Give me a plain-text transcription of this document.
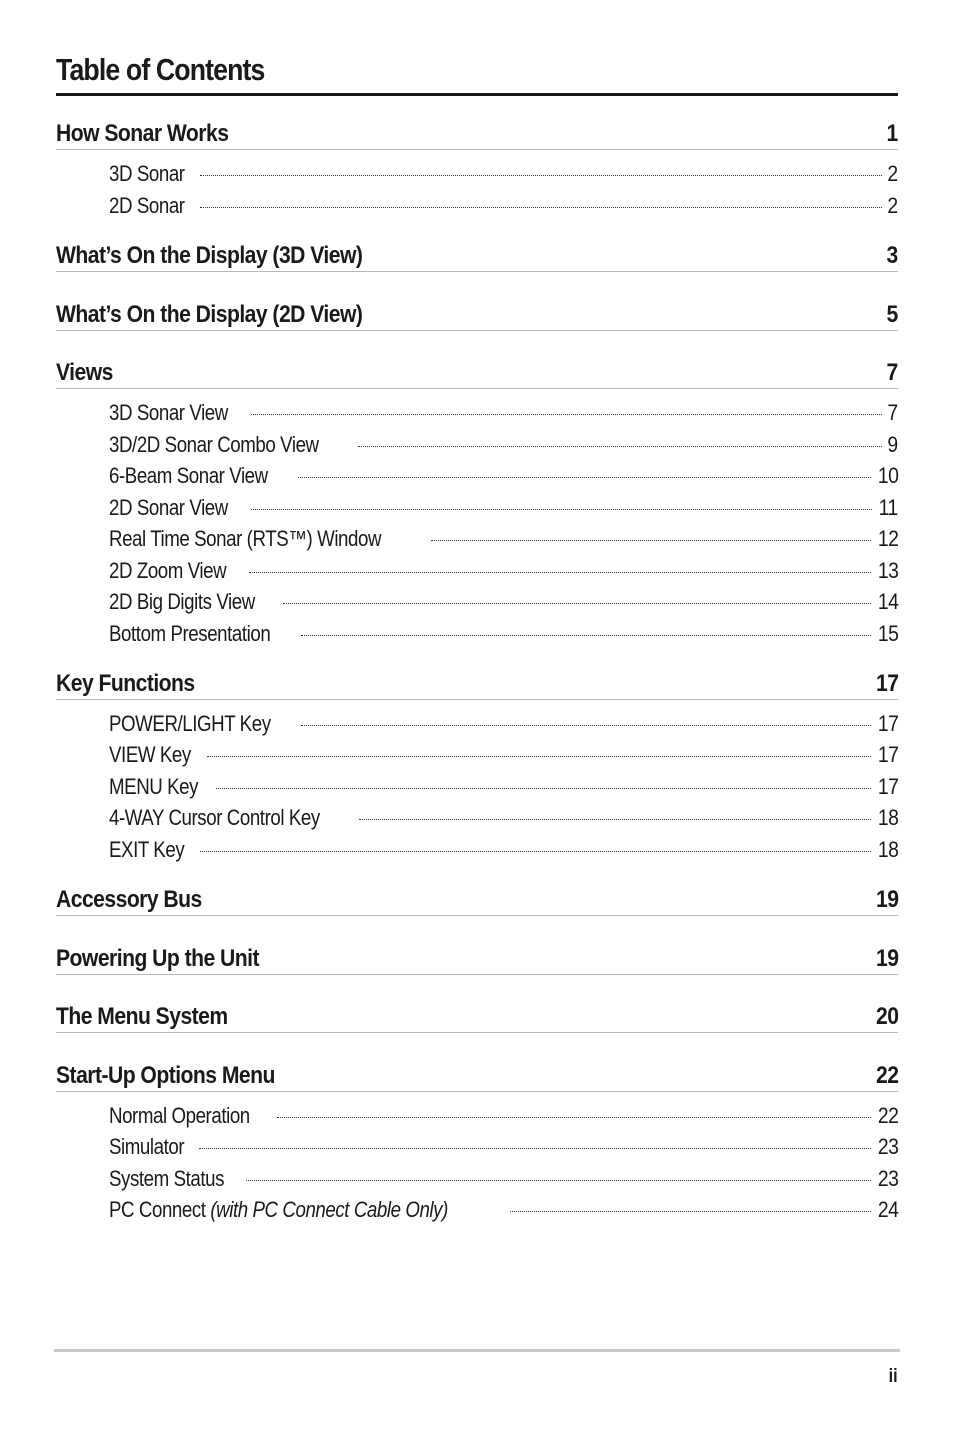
Table of Contents
How Sonar Works	1
3D Sonar	2
2D Sonar	2
What’s On the Display (3D View)	3
What’s On the Display (2D View)	5
Views	7
3D Sonar View	7
3D/2D Sonar Combo View	9
6-Beam Sonar View	10
2D Sonar View	11
Real Time Sonar (RTS™) Window	12
2D Zoom View	13
2D Big Digits View	14
Bottom Presentation	15
Key Functions	17
POWER/LIGHT Key	17
VIEW Key	17
MENU Key	17
4-WAY Cursor Control Key	18
EXIT Key	18
Accessory Bus	19
Powering Up the Unit	19
The Menu System	20
Start-Up Options Menu	22
Normal Operation	22
Simulator	23
System Status	23
PC Connect (with PC Connect Cable Only)	24
ii
